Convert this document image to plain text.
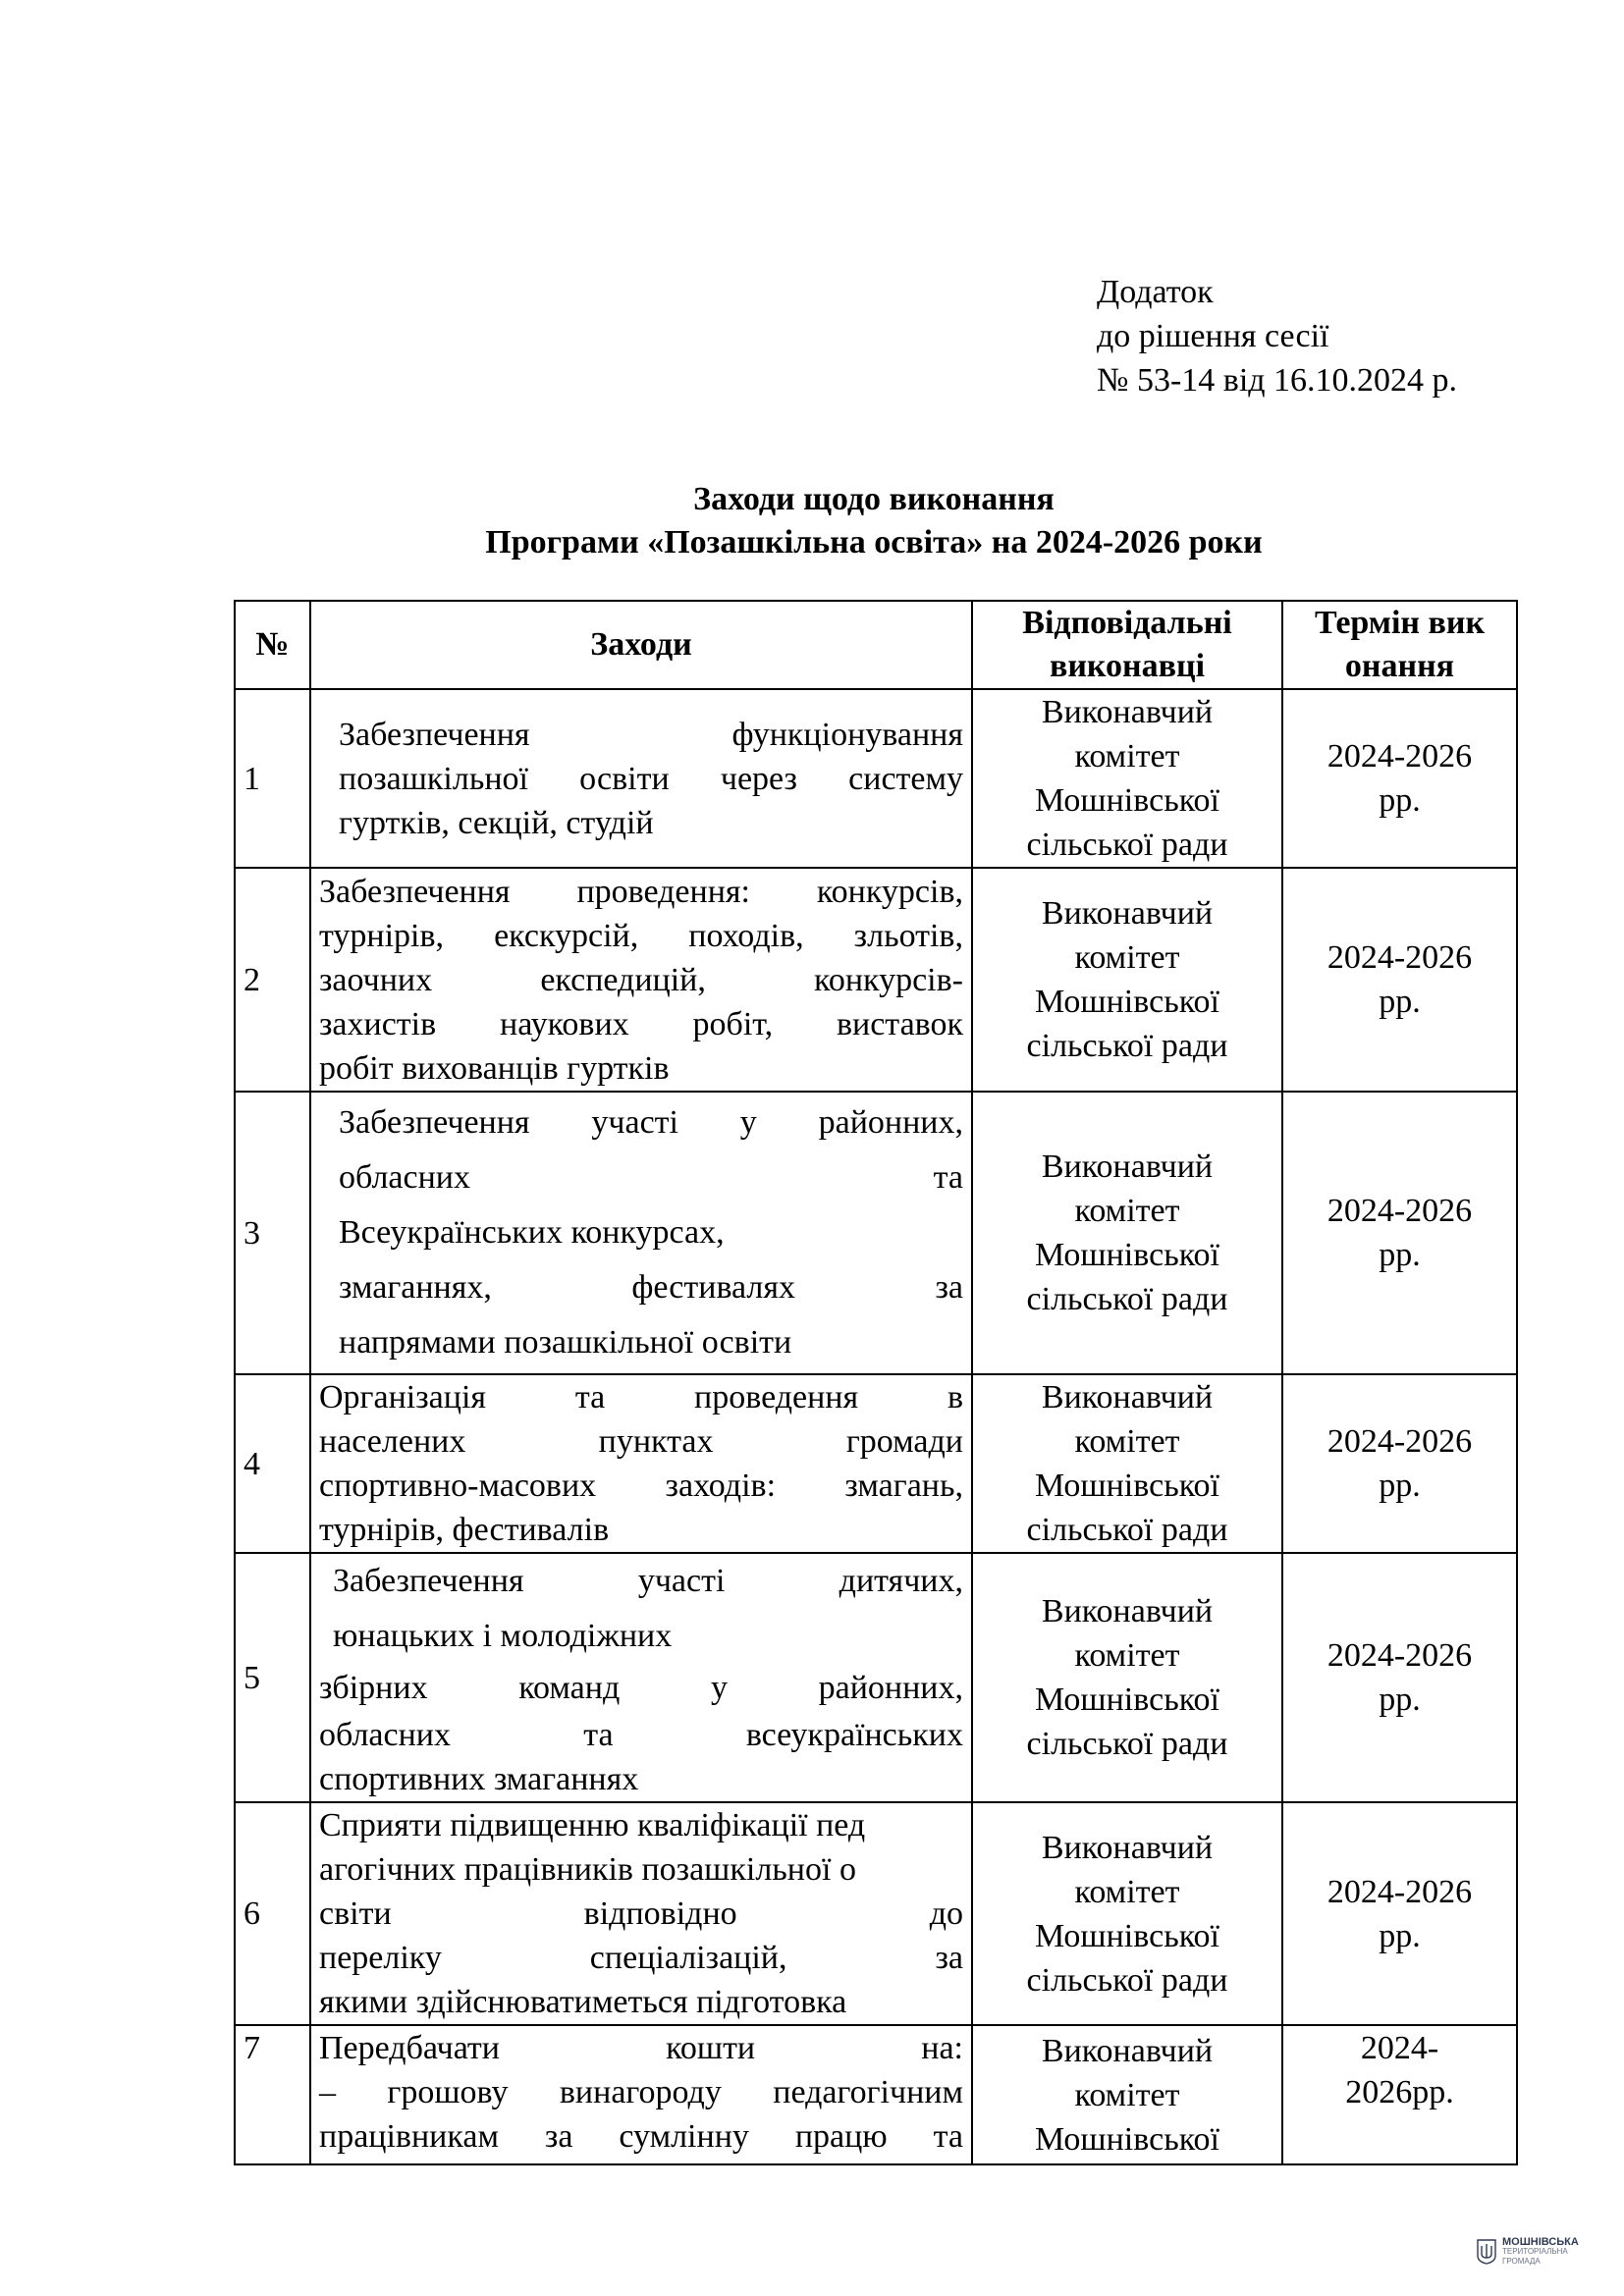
Додаток
до рішення сесії
№ 53-14 від 16.10.2024 р.
Заходи щодо виконання
Програми «Позашкільна освіта» на 2024-2026 роки
№	Заходи	Відповідальні
виконавці	Термін вик
онання

1	Забезпечення функціонування
позашкільної освіти через систему
гуртків, секцій, студій	Виконавчий
комітет
Мошнівської
сільської ради	2024-2026
рр.

2	Забезпечення проведення: конкурсів,
турнірів, екскурсій, походів, зльотів,
заочних експедицій, конкурсів-
захистів наукових робіт, виставок
робіт вихованців гуртків	Виконавчий
комітет
Мошнівської
сільської ради	2024-2026
рр.

3	Забезпечення участі у районних,
обласних та
Всеукраїнських конкурсах,
змаганнях, фестивалях за
напрямами позашкільної освіти	Виконавчий
комітет
Мошнівської
сільської ради	2024-2026
рр.

4	Організація та проведення в
населених пунктах громади
спортивно-масових заходів: змагань,
турнірів, фестивалів	Виконавчий
комітет
Мошнівської
сільської ради	2024-2026
рр.

5	Забезпечення участі дитячих,
юнацьких і молодіжних
збірних команд у районних,
обласних та всеукраїнських
спортивних змаганнях	Виконавчий
комітет
Мошнівської
сільської ради	2024-2026
рр.

6	Сприяти підвищенню кваліфікації пед
агогічних працівників позашкільної о
світи відповідно до
переліку спеціалізацій, за
якими здійснюватиметься підготовка	Виконавчий
комітет
Мошнівської
сільської ради	2024-2026
рр.

7	Передбачати кошти на:
– грошову винагороду педагогічним
працівникам за сумлінну працю та	Виконавчий
комітет
Мошнівської	2024-
2026рр.
МОШНІВСЬКА
ТЕРИТОРІАЛЬНА
ГРОМАДА
